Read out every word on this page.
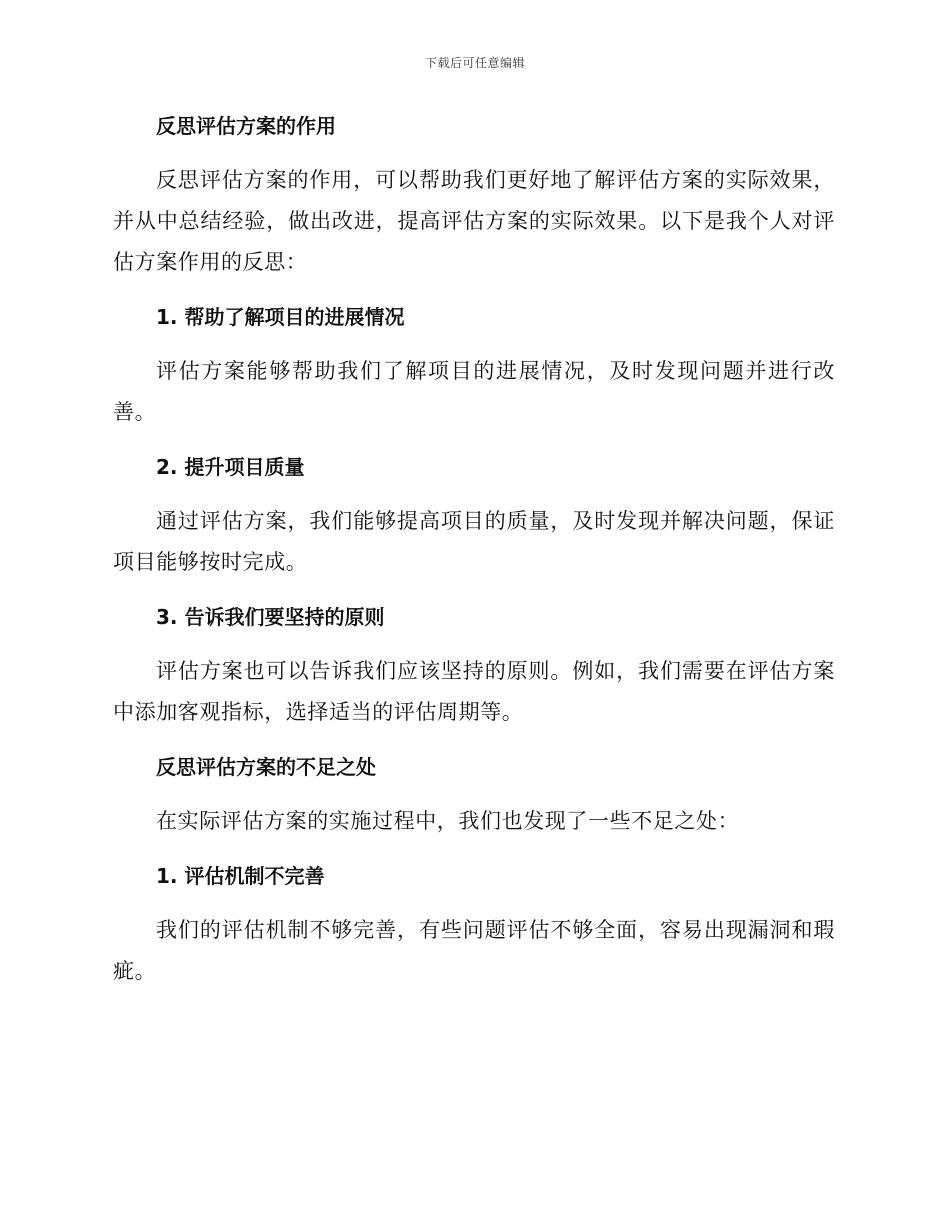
下载后可任意编辑
反思评估方案的作用

反思评估方案的作用，可以帮助我们更好地了解评估方案的实际效果，并从中总结经验，做出改进，提高评估方案的实际效果。以下是我个人对评估方案作用的反思：

1. 帮助了解项目的进展情况

评估方案能够帮助我们了解项目的进展情况，及时发现问题并进行改善。

2. 提升项目质量

通过评估方案，我们能够提高项目的质量，及时发现并解决问题，保证项目能够按时完成。

3. 告诉我们要坚持的原则

评估方案也可以告诉我们应该坚持的原则。例如，我们需要在评估方案中添加客观指标，选择适当的评估周期等。

反思评估方案的不足之处

在实际评估方案的实施过程中，我们也发现了一些不足之处：

1. 评估机制不完善

我们的评估机制不够完善，有些问题评估不够全面，容易出现漏洞和瑕疵。
